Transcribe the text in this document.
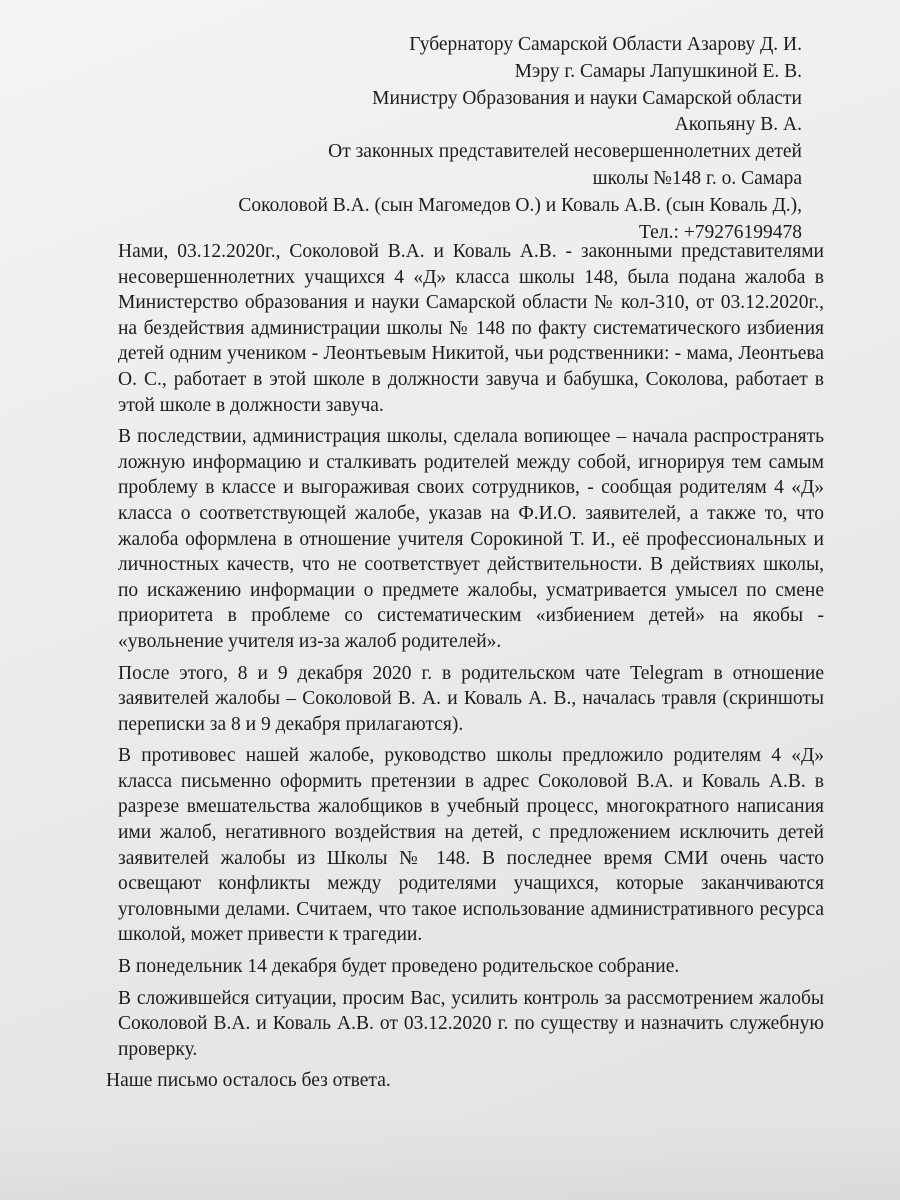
Губернатору Самарской Области Азарову Д. И.
Мэру г. Самары Лапушкиной Е. В.
Министру Образования и науки Самарской области
Акопьяну В. А.
От законных представителей несовершеннолетних детей
школы №148 г. о. Самара
Соколовой В.А. (сын Магомедов О.) и Коваль А.В. (сын Коваль Д.),
Тел.: +79276199478

Нами, 03.12.2020г., Соколовой В.А. и Коваль А.В. - законными представителями несовершеннолетних учащихся 4 «Д» класса школы 148, была подана жалоба в Министерство образования и науки Самарской области № кол-310, от 03.12.2020г., на бездействия администрации школы № 148 по факту систематического избиения детей одним учеником - Леонтьевым Никитой, чьи родственники: - мама, Леонтьева О. С., работает в этой школе в должности завуча и бабушка, Соколова, работает в этой школе в должности завуча.

В последствии, администрация школы, сделала вопиющее – начала распространять ложную информацию и сталкивать родителей между собой, игнорируя тем самым проблему в классе и выгораживая своих сотрудников, - сообщая родителям 4 «Д» класса о соответствующей жалобе, указав на Ф.И.О. заявителей, а также то, что жалоба оформлена в отношение учителя Сорокиной Т. И., её профессиональных и личностных качеств, что не соответствует действительности. В действиях школы, по искажению информации о предмете жалобы, усматривается умысел по смене приоритета в проблеме со систематическим «избиением детей» на якобы - «увольнение учителя из-за жалоб родителей».

После этого, 8 и 9 декабря 2020 г. в родительском чате Telegram в отношение заявителей жалобы – Соколовой В. А. и Коваль А. В., началась травля (скриншоты переписки за 8 и 9 декабря прилагаются).

В противовес нашей жалобе, руководство школы предложило родителям 4 «Д» класса письменно оформить претензии в адрес Соколовой В.А. и Коваль А.В. в разрезе вмешательства жалобщиков в учебный процесс, многократного написания ими жалоб, негативного воздействия на детей, с предложением исключить детей заявителей жалобы из Школы № 148. В последнее время СМИ очень часто освещают конфликты между родителями учащихся, которые заканчиваются уголовными делами. Считаем, что такое использование административного ресурса школой, может привести к трагедии.

В понедельник 14 декабря будет проведено родительское собрание.

В сложившейся ситуации, просим Вас, усилить контроль за рассмотрением жалобы Соколовой В.А. и Коваль А.В. от 03.12.2020 г. по существу и назначить служебную проверку.

Наше письмо осталось без ответа.
